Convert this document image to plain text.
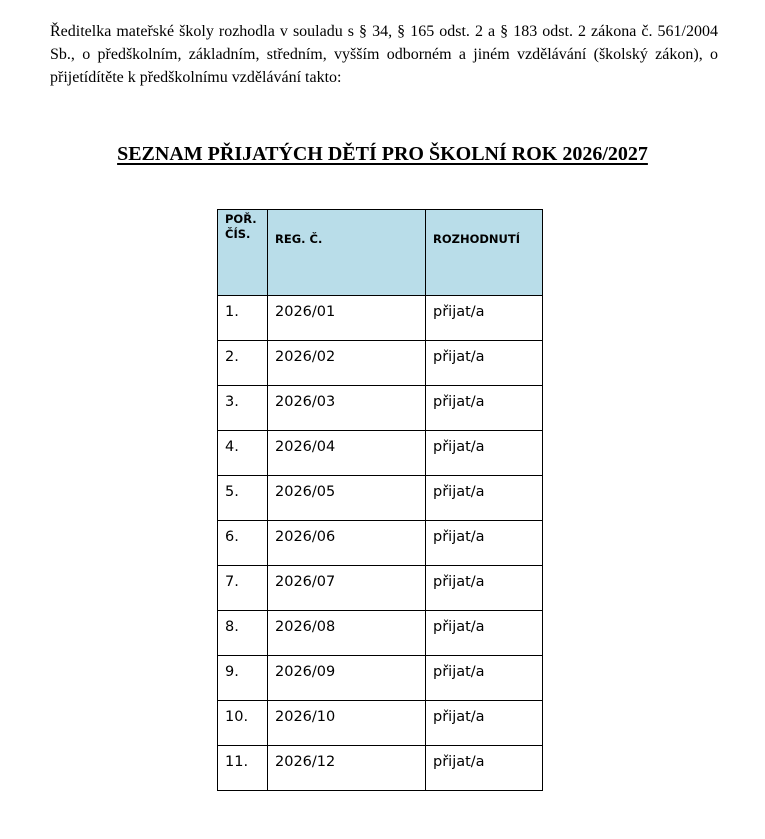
Ředitelka mateřské školy rozhodla v souladu s § 34, § 165 odst. 2 a § 183 odst. 2 zákona č. 561/2004 Sb., o předškolním, základním, středním, vyšším odborném a jiném vzdělávání (školský zákon), o přijetídítěte k předškolnímu vzdělávání takto:

SEZNAM PŘIJATÝCH DĚTÍ PRO ŠKOLNÍ ROK 2026/2027
POŘ.
ČÍS.	REG. Č.	ROZHODNUTÍ
1.	2026/01	přijat/a
2.	2026/02	přijat/a
3.	2026/03	přijat/a
4.	2026/04	přijat/a
5.	2026/05	přijat/a
6.	2026/06	přijat/a
7.	2026/07	přijat/a
8.	2026/08	přijat/a
9.	2026/09	přijat/a
10.	2026/10	přijat/a
11.	2026/12	přijat/a
